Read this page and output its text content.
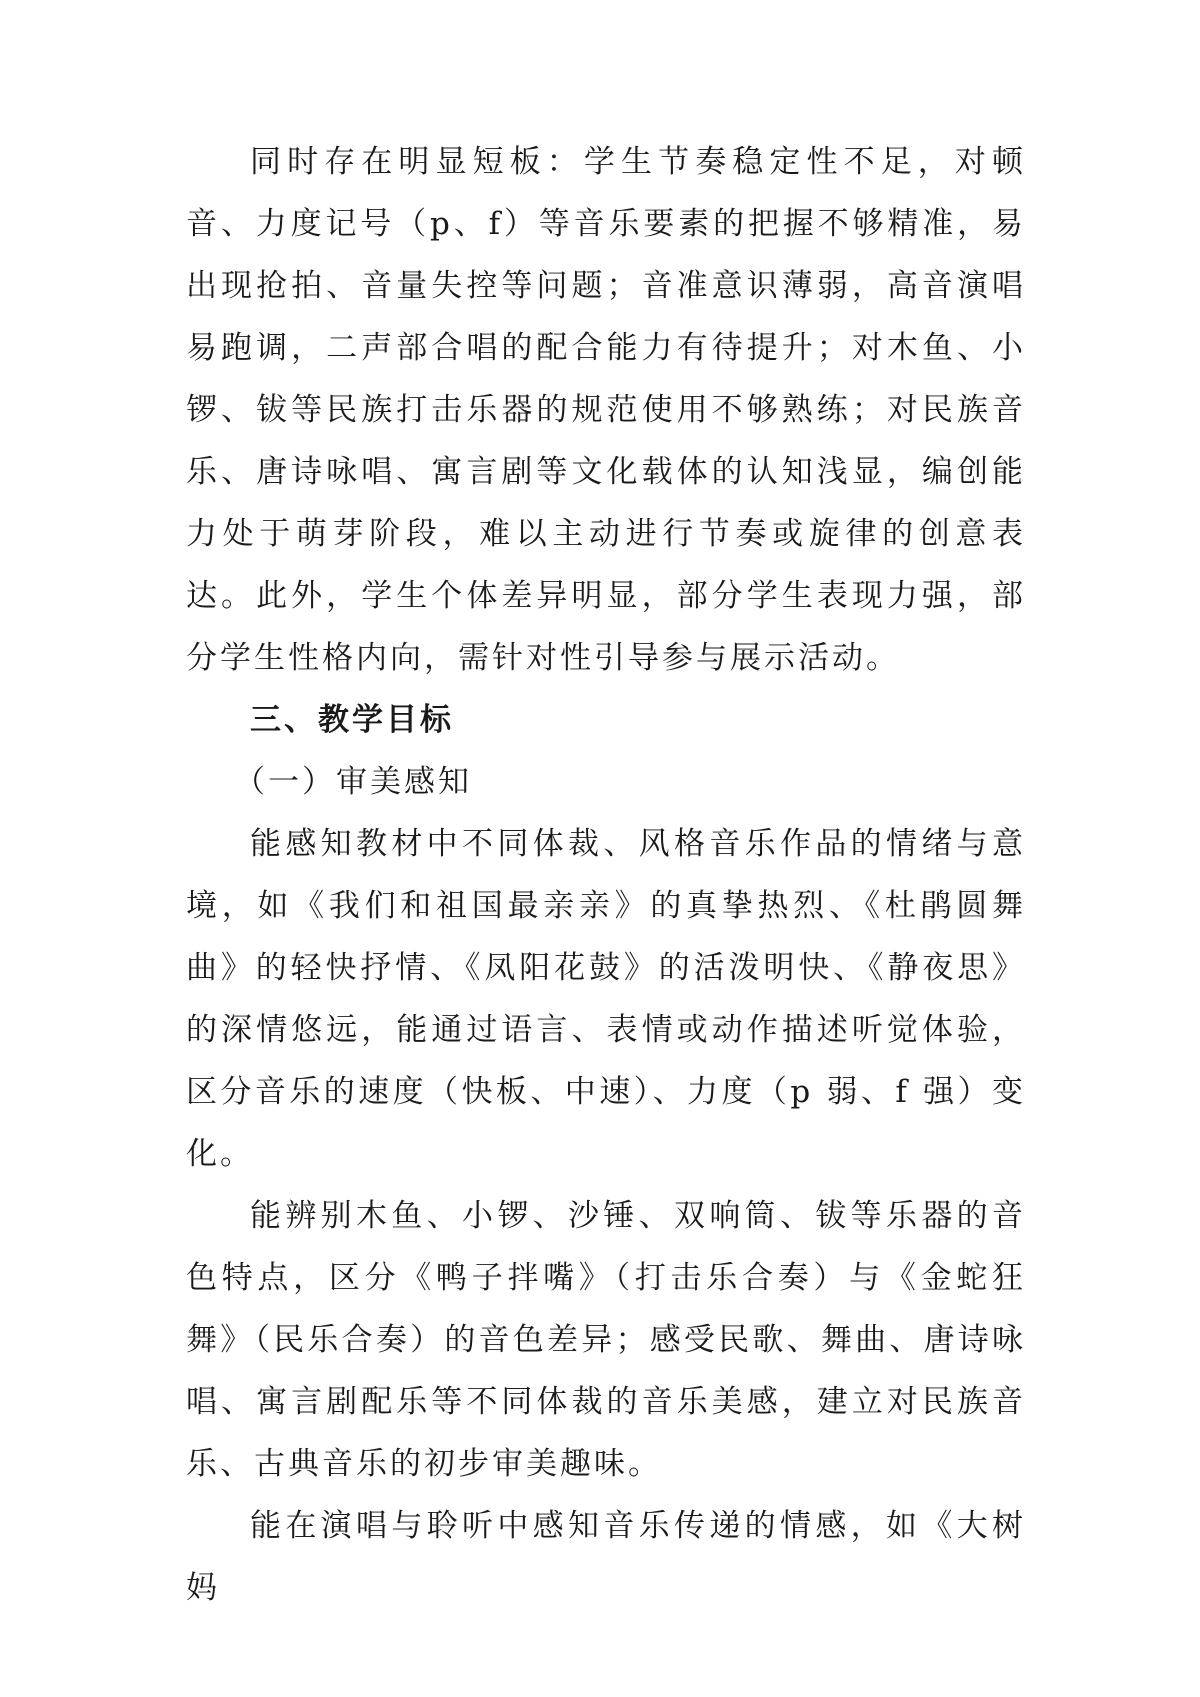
同时存在明显短板：学生节奏稳定性不足，对顿音、力度记号（p、f）等音乐要素的把握不够精准，易出现抢拍、音量失控等问题；音准意识薄弱，高音演唱易跑调，二声部合唱的配合能力有待提升；对木鱼、小锣、钹等民族打击乐器的规范使用不够熟练；对民族音乐、唐诗咏唱、寓言剧等文化载体的认知浅显，编创能力处于萌芽阶段，难以主动进行节奏或旋律的创意表达。此外，学生个体差异明显，部分学生表现力强，部分学生性格内向，需针对性引导参与展示活动。

三、教学目标

（一）审美感知

能感知教材中不同体裁、风格音乐作品的情绪与意境，如《我们和祖国最亲亲》的真挚热烈、《杜鹃圆舞曲》的轻快抒情、《凤阳花鼓》的活泼明快、《静夜思》的深情悠远，能通过语言、表情或动作描述听觉体验，区分音乐的速度（快板、中速）、力度（p 弱、f 强）变化。

能辨别木鱼、小锣、沙锤、双响筒、钹等乐器的音色特点，区分《鸭子拌嘴》（打击乐合奏）与《金蛇狂舞》（民乐合奏）的音色差异；感受民歌、舞曲、唐诗咏唱、寓言剧配乐等不同体裁的音乐美感，建立对民族音乐、古典音乐的初步审美趣味。

能在演唱与聆听中感知音乐传递的情感，如《大树妈
